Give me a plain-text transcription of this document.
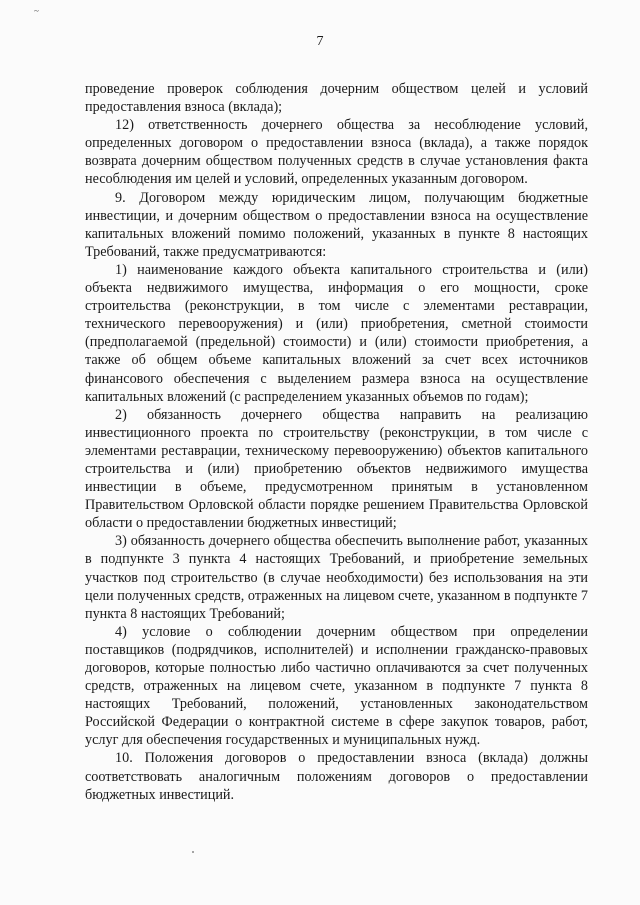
~
7

проведение проверок соблюдения дочерним обществом целей и условий предоставления взноса (вклада);

12) ответственность дочернего общества за несоблюдение условий, определенных договором о предоставлении взноса (вклада), а также порядок возврата дочерним обществом полученных средств в случае установления факта несоблюдения им целей и условий, определенных указанным договором.

9. Договором между юридическим лицом, получающим бюджетные инвестиции, и дочерним обществом о предоставлении взноса на осуществление капитальных вложений помимо положений, указанных в пункте 8 настоящих Требований, также предусматриваются:

1) наименование каждого объекта капитального строительства и (или) объекта недвижимого имущества, информация о его мощности, сроке строительства (реконструкции, в том числе с элементами реставрации, технического перевооружения) и (или) приобретения, сметной стоимости (предполагаемой (предельной) стоимости) и (или) стоимости приобретения, а также об общем объеме капитальных вложений за счет всех источников финансового обеспечения с выделением размера взноса на осуществление капитальных вложений (с распределением указанных объемов по годам);

2) обязанность дочернего общества направить на реализацию инвестиционного проекта по строительству (реконструкции, в том числе с элементами реставрации, техническому перевооружению) объектов капитального строительства и (или) приобретению объектов недвижимого имущества инвестиции в объеме, предусмотренном принятым в установленном Правительством Орловской области порядке решением Правительства Орловской области о предоставлении бюджетных инвестиций;

3) обязанность дочернего общества обеспечить выполнение работ, указанных в подпункте 3 пункта 4 настоящих Требований, и приобретение земельных участков под строительство (в случае необходимости) без использования на эти цели полученных средств, отраженных на лицевом счете, указанном в подпункте 7 пункта 8 настоящих Требований;

4) условие о соблюдении дочерним обществом при определении поставщиков (подрядчиков, исполнителей) и исполнении гражданско-правовых договоров, которые полностью либо частично оплачиваются за счет полученных средств, отраженных на лицевом счете, указанном в подпункте 7 пункта 8 настоящих Требований, положений, установленных законодательством Российской Федерации о контрактной системе в сфере закупок товаров, работ, услуг для обеспечения государственных и муниципальных нужд.

10. Положения договоров о предоставлении взноса (вклада) должны соответствовать аналогичным положениям договоров о предоставлении бюджетных инвестиций.
